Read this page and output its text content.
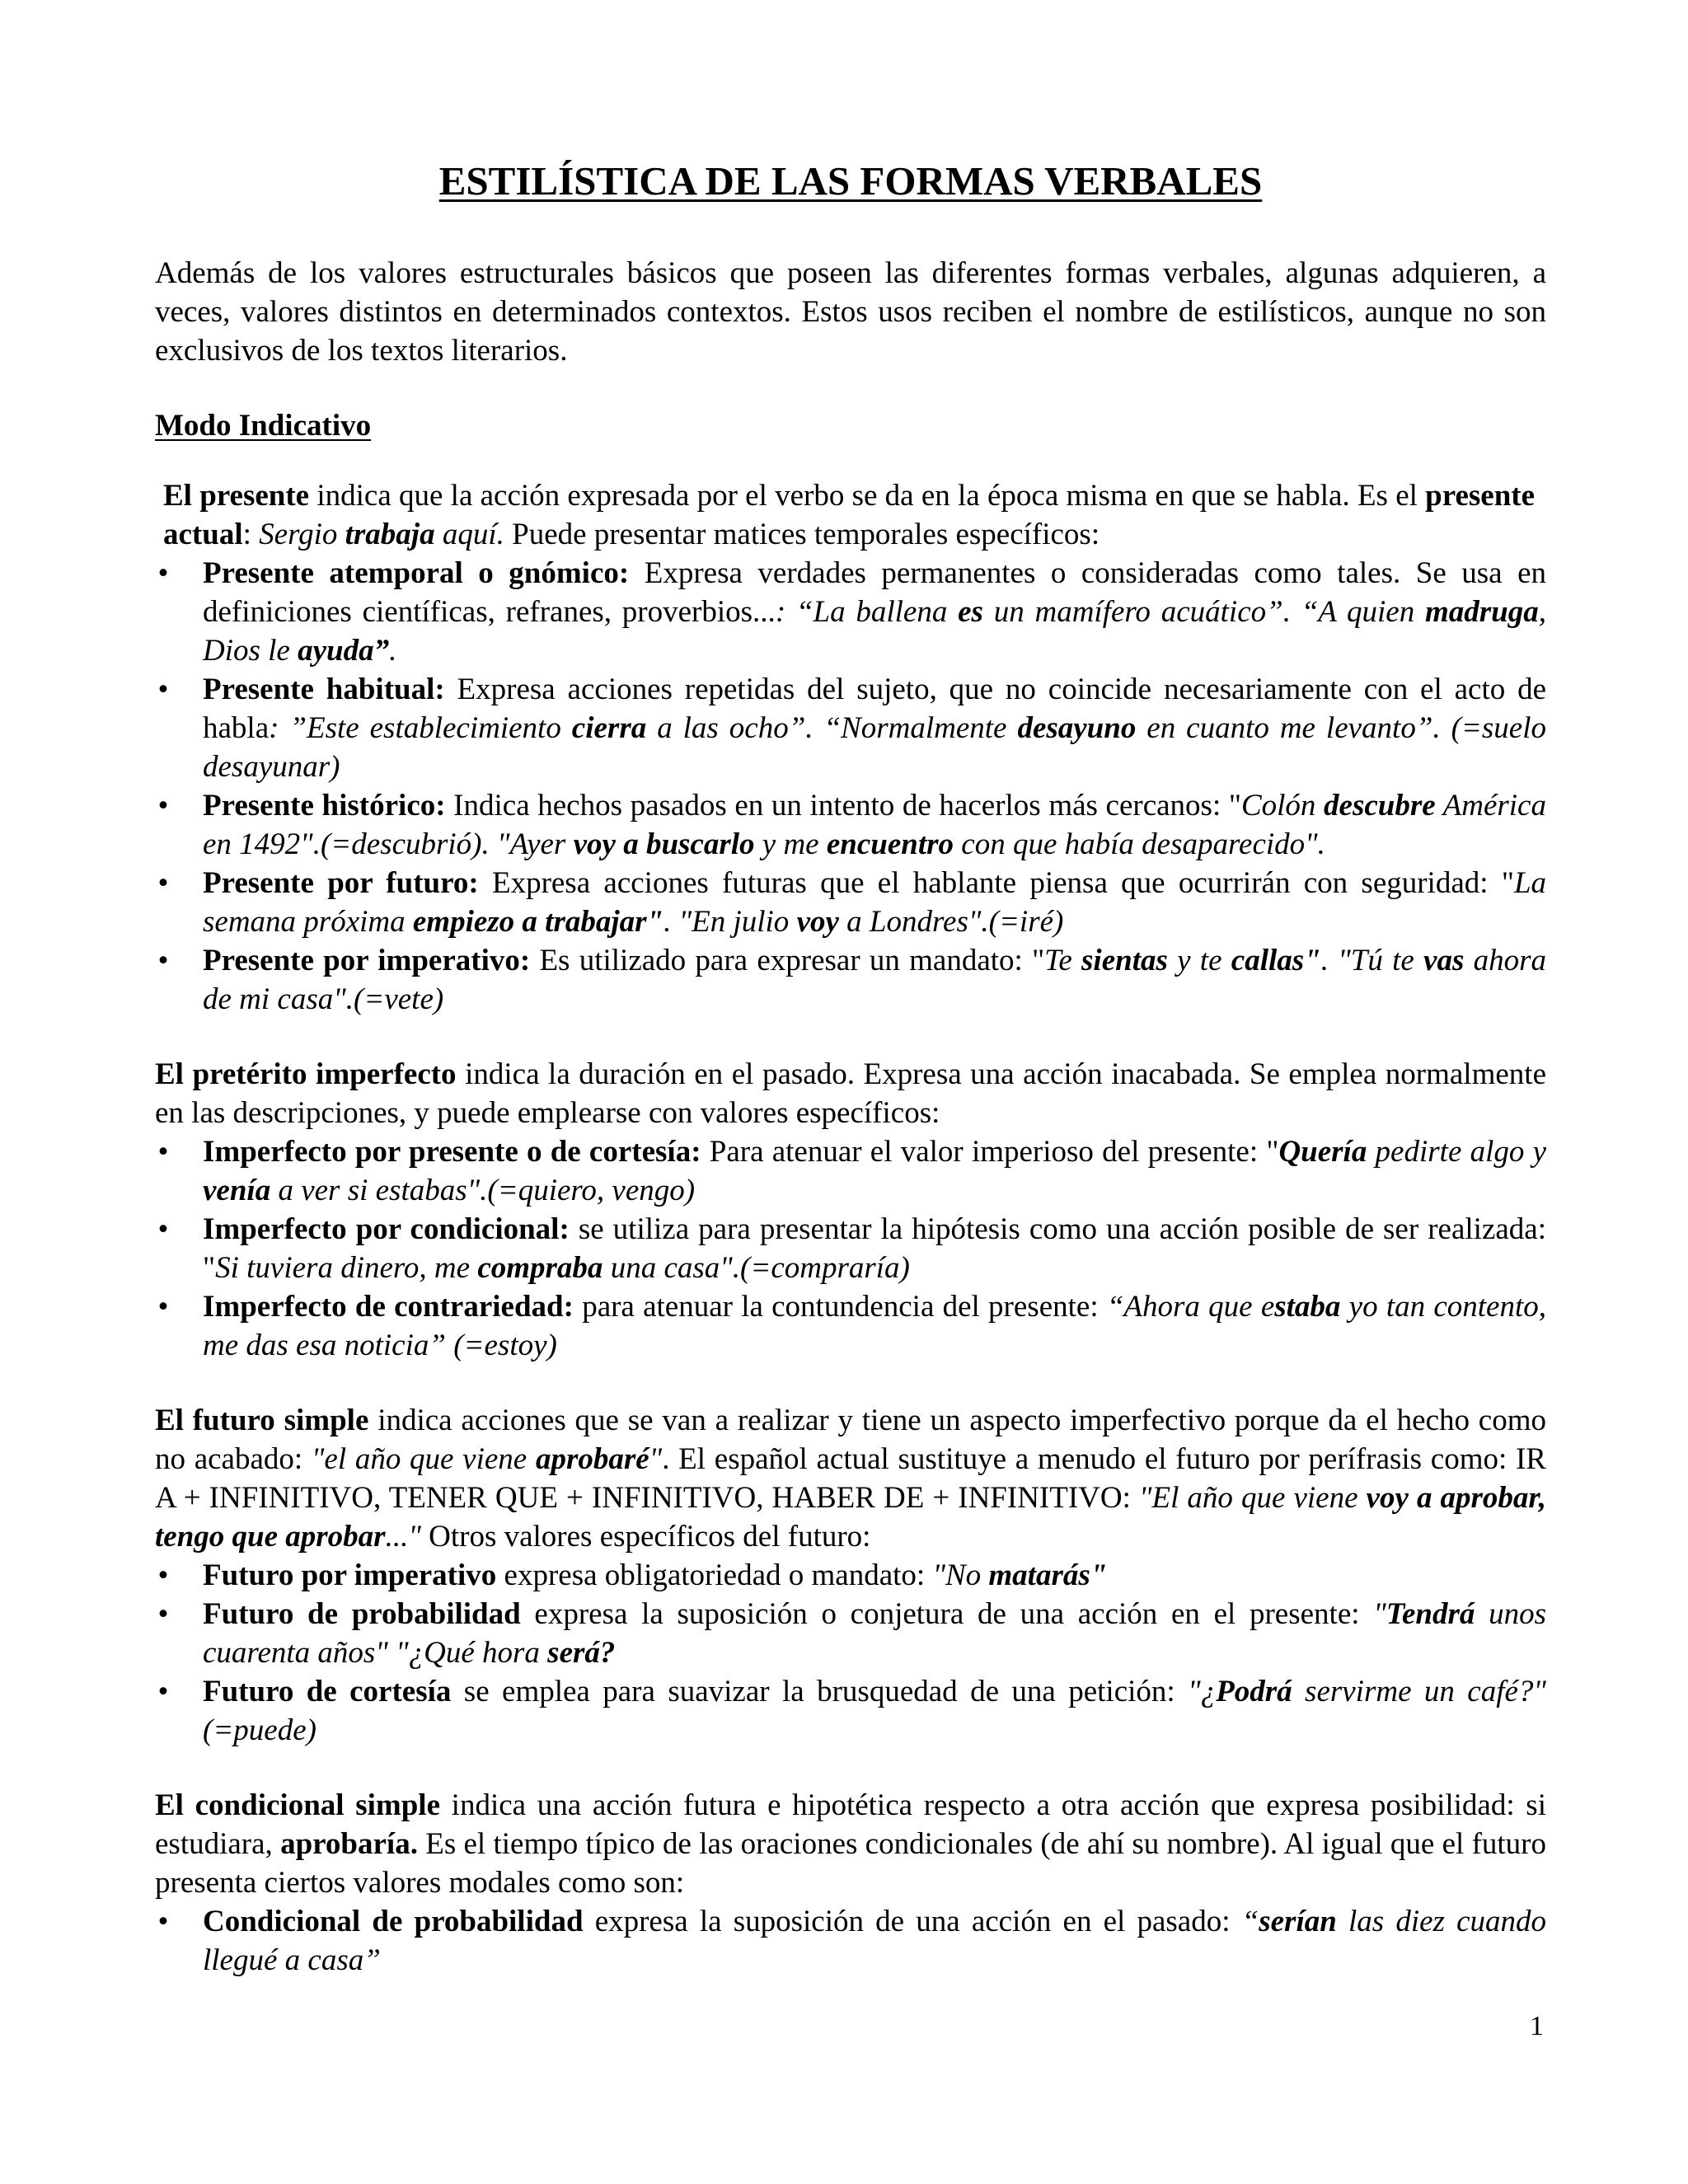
ESTILÍSTICA DE LAS FORMAS VERBALES

Además de los valores estructurales básicos que poseen las diferentes formas verbales, algunas adquieren, a veces, valores distintos en determinados contextos. Estos usos reciben el nombre de estilísticos, aunque no son exclusivos de los textos literarios.

Modo Indicativo

El presente indica que la acción expresada por el verbo se da en la época misma en que se habla. Es el presente actual: Sergio trabaja aquí. Puede presentar matices temporales específicos:

• Presente atemporal o gnómico: Expresa verdades permanentes o consideradas como tales. Se usa en definiciones científicas, refranes, proverbios...: “La ballena es un mamífero acuático”. “A quien madruga, Dios le ayuda”.
• Presente habitual: Expresa acciones repetidas del sujeto, que no coincide necesariamente con el acto de habla: ”Este establecimiento cierra a las ocho”. “Normalmente desayuno en cuanto me levanto”. (=suelo desayunar)
• Presente histórico: Indica hechos pasados en un intento de hacerlos más cercanos: "Colón descubre América en 1492".(=descubrió). "Ayer voy a buscarlo y me encuentro con que había desaparecido".
• Presente por futuro: Expresa acciones futuras que el hablante piensa que ocurrirán con seguridad: "La semana próxima empiezo a trabajar". "En julio voy a Londres".(=iré)
• Presente por imperativo: Es utilizado para expresar un mandato: "Te sientas y te callas". "Tú te vas ahora de mi casa".(=vete)

El pretérito imperfecto indica la duración en el pasado. Expresa una acción inacabada. Se emplea normalmente en las descripciones, y puede emplearse con valores específicos:

• Imperfecto por presente o de cortesía: Para atenuar el valor imperioso del presente: "Quería pedirte algo y venía a ver si estabas".(=quiero, vengo)
• Imperfecto por condicional: se utiliza para presentar la hipótesis como una acción posible de ser realizada: "Si tuviera dinero, me compraba una casa".(=compraría)
• Imperfecto de contrariedad: para atenuar la contundencia del presente: “Ahora que estaba yo tan contento, me das esa noticia” (=estoy)

El futuro simple indica acciones que se van a realizar y tiene un aspecto imperfectivo porque da el hecho como no acabado: "el año que viene aprobaré". El español actual sustituye a menudo el futuro por perífrasis como: IR A + INFINITIVO, TENER QUE + INFINITIVO, HABER DE + INFINITIVO: "El año que viene voy a aprobar, tengo que aprobar..." Otros valores específicos del futuro:

• Futuro por imperativo expresa obligatoriedad o mandato: "No matarás"
• Futuro de probabilidad expresa la suposición o conjetura de una acción en el presente: "Tendrá unos cuarenta años" "¿Qué hora será?
• Futuro de cortesía se emplea para suavizar la brusquedad de una petición: "¿Podrá servirme un café?"(=puede)

El condicional simple indica una acción futura e hipotética respecto a otra acción que expresa posibilidad: si estudiara, aprobaría. Es el tiempo típico de las oraciones condicionales (de ahí su nombre). Al igual que el futuro presenta ciertos valores modales como son:

• Condicional de probabilidad expresa la suposición de una acción en el pasado: “serían las diez cuando llegué a casa”
1
